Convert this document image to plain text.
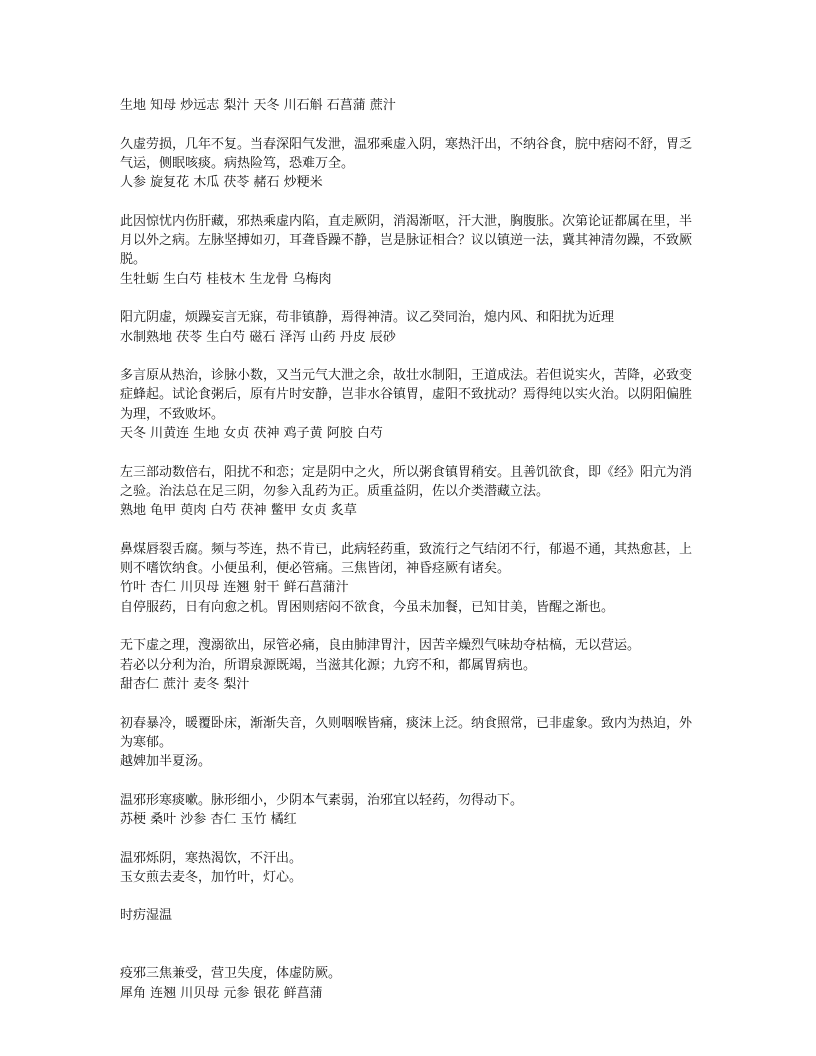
生地 知母 炒远志 梨汁 天冬 川石斛 石菖蒲 蔗汁
久虚劳损，几年不复。当春深阳气发泄，温邪乘虚入阴，寒热汗出，不纳谷食，脘中痞闷不舒，胃乏气运，侧眠咳痰。病热险笃，恐难万全。
人参 旋复花 木瓜 茯苓 赭石 炒粳米
此因惊忧内伤肝藏，邪热乘虚内陷，直走厥阴，消渴渐呕，汗大泄，胸腹胀。次第论证都属在里，半月以外之病。左脉坚搏如刃，耳聋昏躁不静，岂是脉证相合？议以镇逆一法，冀其神清勿躁，不致厥脱。
生牡蛎 生白芍 桂枝木 生龙骨 乌梅肉
阳亢阴虚，烦躁妄言无寐，苟非镇静，焉得神清。议乙癸同治，熄内风、和阳扰为近理
水制熟地 茯苓 生白芍 磁石 泽泻 山药 丹皮 辰砂
多言原从热治，诊脉小数，又当元气大泄之余，故壮水制阳，王道成法。若但说实火，苦降，必致变症蜂起。试论食粥后，原有片时安静，岂非水谷镇胃，虚阳不致扰动？焉得纯以实火治。以阴阳偏胜为理，不致败坏。
天冬 川黄连 生地 女贞 茯神 鸡子黄 阿胶 白芍
左三部动数倍右，阳扰不和恋；定是阴中之火，所以粥食镇胃稍安。且善饥欲食，即《经》阳亢为消之验。治法总在足三阴，勿参入乱药为正。质重益阴，佐以介类潜藏立法。
熟地 龟甲 萸肉 白芍 茯神 鳖甲 女贞 炙草
鼻煤唇裂舌腐。频与芩连，热不肯已，此病轻药重，致流行之气结闭不行，郁遏不通，其热愈甚，上则不嗜饮纳食。小便虽利，便必管痛。三焦皆闭，神昏痉厥有诸矣。
竹叶 杏仁 川贝母 连翘 射干 鲜石菖蒲汁
自停服药，日有向愈之机。胃困则痞闷不欲食，今虽未加餐，已知甘美，皆醒之渐也。
无下虚之理，溲溺欲出，尿管必痛，良由肺津胃汁，因苦辛燥烈气味劫夺枯槁，无以营运。
若必以分利为治，所谓泉源既竭，当滋其化源；九窍不和，都属胃病也。
甜杏仁 蔗汁 麦冬 梨汁
初春暴冷，暖覆卧床，渐渐失音，久则咽喉皆痛，痰沫上泛。纳食照常，已非虚象。致内为热迫，外为寒郁。
越婢加半夏汤。
温邪形寒痰嗽。脉形细小，少阴本气素弱，治邪宜以轻药，勿得动下。
苏梗 桑叶 沙参 杏仁 玉竹 橘红
温邪烁阴，寒热渴饮，不汗出。
玉女煎去麦冬，加竹叶，灯心。
时疠湿温
疫邪三焦兼受，营卫失度，体虚防厥。
犀角 连翘 川贝母 元参 银花 鲜菖蒲
